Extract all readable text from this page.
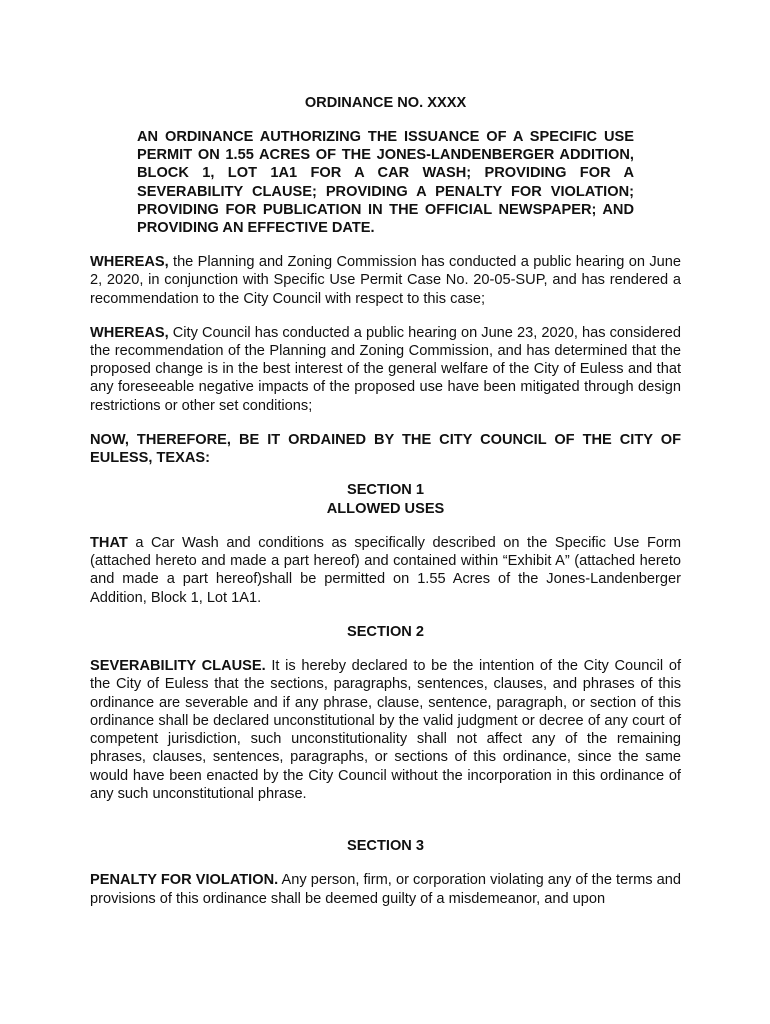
ORDINANCE NO. XXXX
AN ORDINANCE AUTHORIZING THE ISSUANCE OF A SPECIFIC USE PERMIT ON 1.55 ACRES OF THE JONES-LANDENBERGER ADDITION, BLOCK 1, LOT 1A1 FOR A CAR WASH; PROVIDING FOR A SEVERABILITY CLAUSE; PROVIDING A PENALTY FOR VIOLATION; PROVIDING FOR PUBLICATION IN THE OFFICIAL NEWSPAPER; AND PROVIDING AN EFFECTIVE DATE.

WHEREAS, the Planning and Zoning Commission has conducted a public hearing on June 2, 2020, in conjunction with Specific Use Permit Case No. 20-05-SUP, and has rendered a recommendation to the City Council with respect to this case;

WHEREAS, City Council has conducted a public hearing on June 23, 2020, has considered the recommendation of the Planning and Zoning Commission, and has determined that the proposed change is in the best interest of the general welfare of the City of Euless and that any foreseeable negative impacts of the proposed use have been mitigated through design restrictions or other set conditions;

NOW, THEREFORE, BE IT ORDAINED BY THE CITY COUNCIL OF THE CITY OF EULESS, TEXAS:

SECTION 1
ALLOWED USES

THAT a Car Wash and conditions as specifically described on the Specific Use Form (attached hereto and made a part hereof) and contained within “Exhibit A” (attached hereto and made a part hereof)shall be permitted on 1.55 Acres of the Jones-Landenberger Addition, Block 1, Lot 1A1.

SECTION 2

SEVERABILITY CLAUSE. It is hereby declared to be the intention of the City Council of the City of Euless that the sections, paragraphs, sentences, clauses, and phrases of this ordinance are severable and if any phrase, clause, sentence, paragraph, or section of this ordinance shall be declared unconstitutional by the valid judgment or decree of any court of competent jurisdiction, such unconstitutionality shall not affect any of the remaining phrases, clauses, sentences, paragraphs, or sections of this ordinance, since the same would have been enacted by the City Council without the incorporation in this ordinance of any such unconstitutional phrase.

SECTION 3

PENALTY FOR VIOLATION. Any person, firm, or corporation violating any of the terms and provisions of this ordinance shall be deemed guilty of a misdemeanor, and upon
